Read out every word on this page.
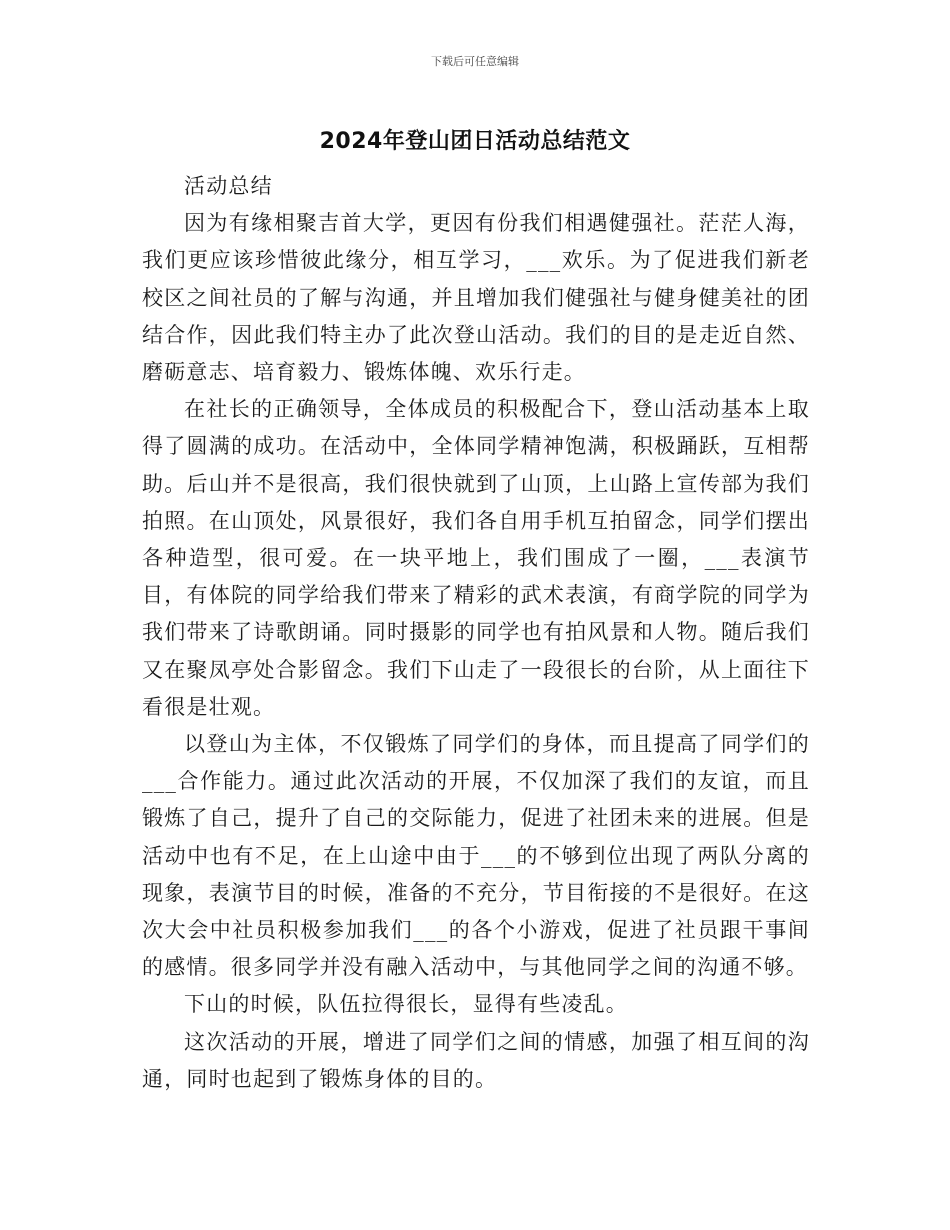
下载后可任意编辑
2024年登山团日活动总结范文

活动总结

因为有缘相聚吉首大学，更因有份我们相遇健强社。茫茫人海，我们更应该珍惜彼此缘分，相互学习，___欢乐。为了促进我们新老校区之间社员的了解与沟通，并且增加我们健强社与健身健美社的团结合作，因此我们特主办了此次登山活动。我们的目的是走近自然、磨砺意志、培育毅力、锻炼体魄、欢乐行走。

在社长的正确领导，全体成员的积极配合下，登山活动基本上取得了圆满的成功。在活动中，全体同学精神饱满，积极踊跃，互相帮助。后山并不是很高，我们很快就到了山顶，上山路上宣传部为我们拍照。在山顶处，风景很好，我们各自用手机互拍留念，同学们摆出各种造型，很可爱。在一块平地上，我们围成了一圈，___表演节目，有体院的同学给我们带来了精彩的武术表演，有商学院的同学为我们带来了诗歌朗诵。同时摄影的同学也有拍风景和人物。随后我们又在聚凤亭处合影留念。我们下山走了一段很长的台阶，从上面往下看很是壮观。

以登山为主体，不仅锻炼了同学们的身体，而且提高了同学们的___合作能力。通过此次活动的开展，不仅加深了我们的友谊，而且锻炼了自己，提升了自己的交际能力，促进了社团未来的进展。但是活动中也有不足，在上山途中由于___的不够到位出现了两队分离的现象，表演节目的时候，准备的不充分，节目衔接的不是很好。在这次大会中社员积极参加我们___的各个小游戏，促进了社员跟干事间的感情。很多同学并没有融入活动中，与其他同学之间的沟通不够。

下山的时候，队伍拉得很长，显得有些凌乱。

这次活动的开展，增进了同学们之间的情感，加强了相互间的沟通，同时也起到了锻炼身体的目的。
